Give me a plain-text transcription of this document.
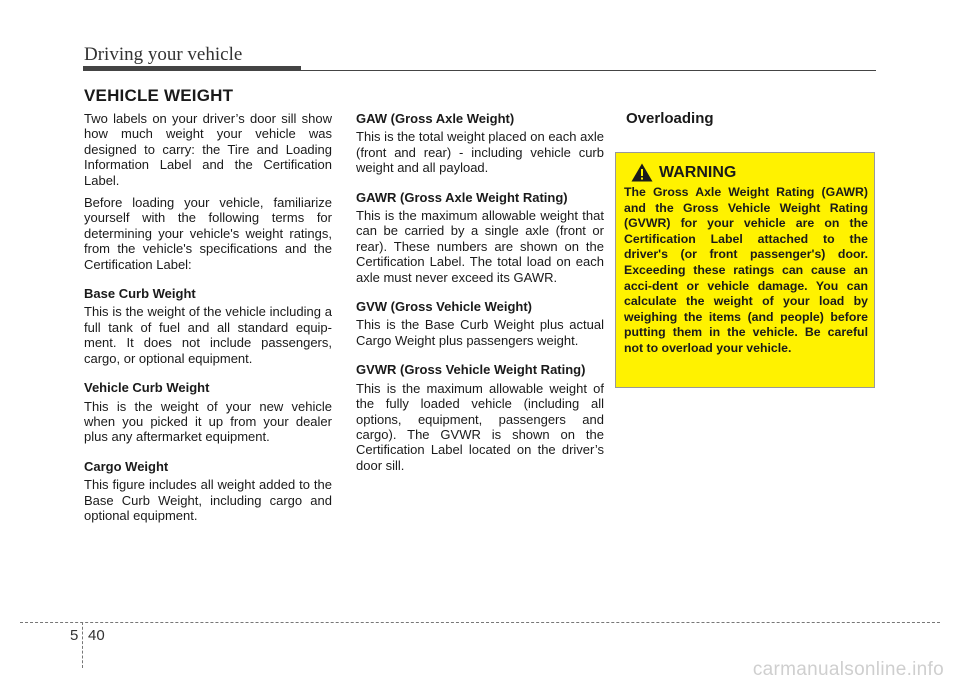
Driving your vehicle
VEHICLE WEIGHT

Two labels on your driver’s door sill show how much weight your vehicle was designed to carry: the Tire and Loading Information Label and the Certification Label.

Before loading your vehicle, familiarize yourself with the following terms for determining your vehicle's weight ratings, from the vehicle's specifications and the Certification Label:

Base Curb Weight

This is the weight of the vehicle including a full tank of fuel and all standard equip-ment. It does not include passengers, cargo, or optional equipment.

Vehicle Curb Weight

This is the weight of your new vehicle when you picked it up from your dealer plus any aftermarket equipment.

Cargo Weight

This figure includes all weight added to the Base Curb Weight, including cargo and optional equipment.

GAW (Gross Axle Weight)

This is the total weight placed on each axle (front and rear) - including vehicle curb weight and all payload.

GAWR (Gross Axle Weight Rating)

This is the maximum allowable weight that can be carried by a single axle (front or rear). These numbers are shown on the Certification Label. The total load on each axle must never exceed its GAWR.

GVW (Gross Vehicle Weight)

This is the Base Curb Weight plus actual Cargo Weight plus passengers weight.

GVWR (Gross Vehicle Weight Rating)

This is the maximum allowable weight of the fully loaded vehicle (including all options, equipment, passengers and cargo). The GVWR is shown on the Certification Label located on the driver’s door sill.

Overloading
WARNING
The Gross Axle Weight Rating (GAWR) and the Gross Vehicle Weight Rating (GVWR) for your vehicle are on the Certification Label attached to the driver's (or front passenger's) door. Exceeding these ratings can cause an acci-dent or vehicle damage. You can calculate the weight of your load by weighing the items (and people) before putting them in the vehicle. Be careful not to overload your vehicle.
5 40
carmanualsonline.info
